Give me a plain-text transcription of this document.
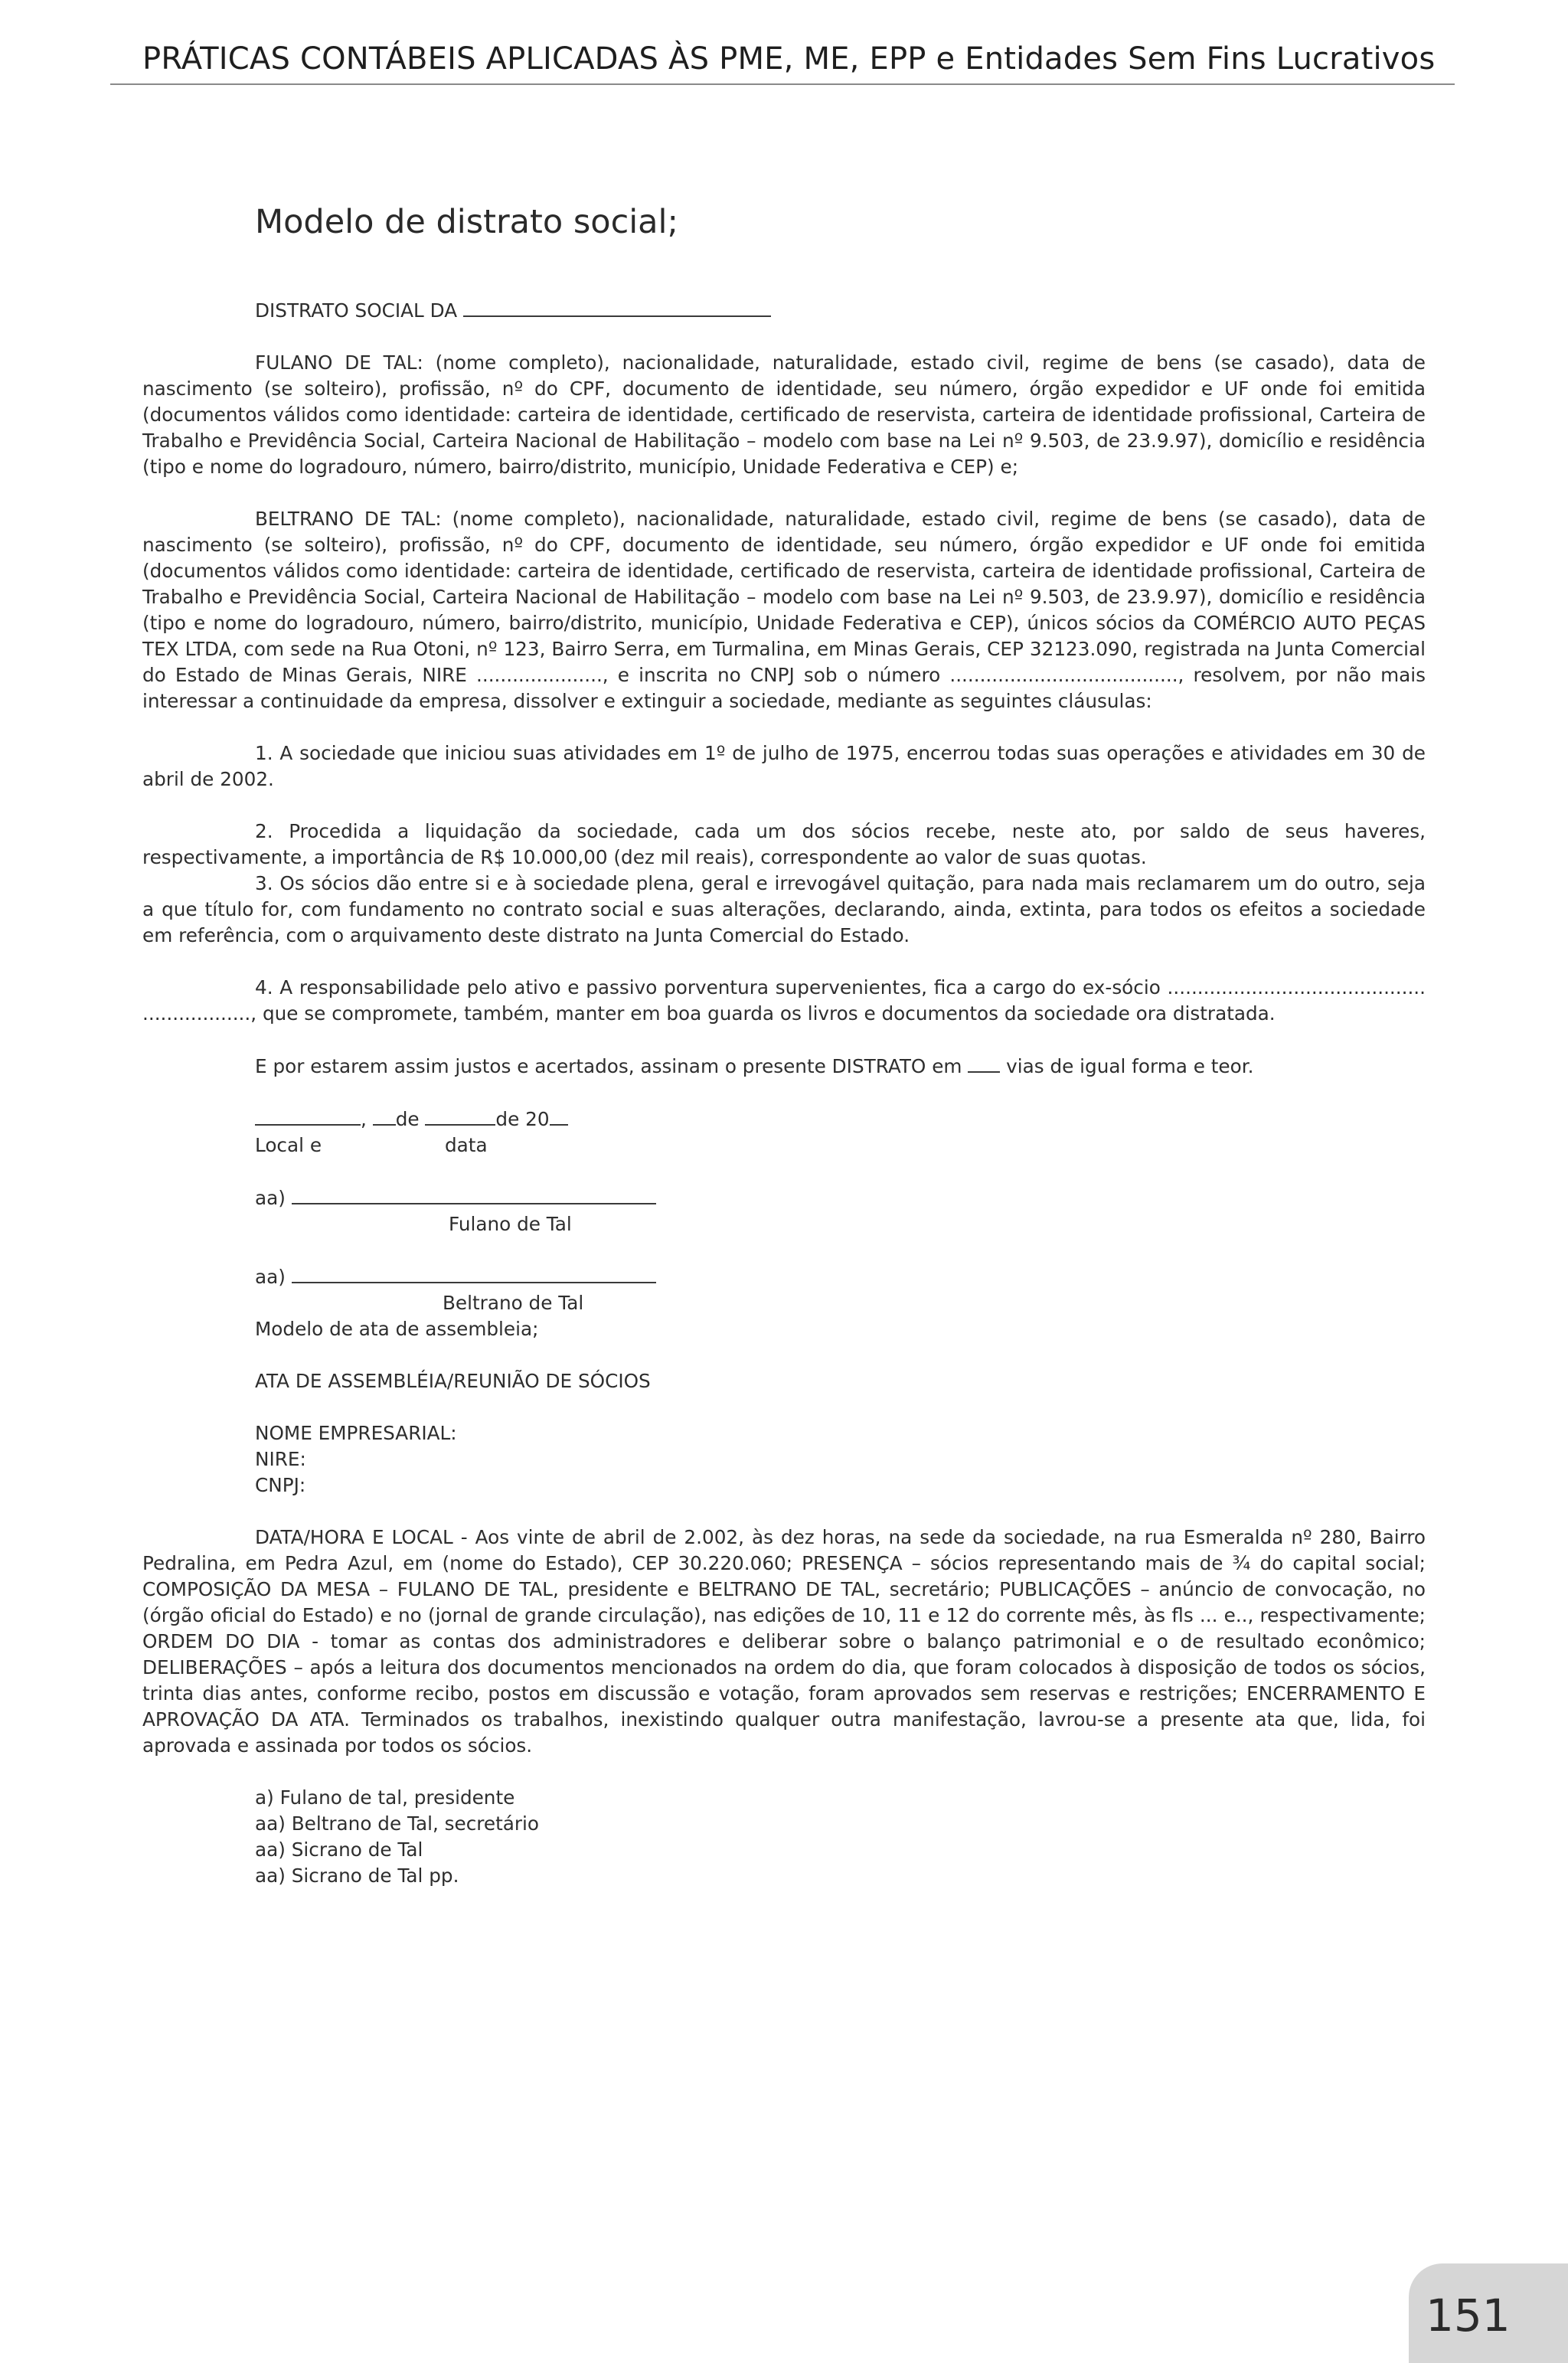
PRÁTICAS CONTÁBEIS APLICADAS ÀS PME, ME, EPP e Entidades Sem Fins Lucrativos
Modelo de distrato social;
DISTRATO SOCIAL DA

FULANO DE TAL: (nome completo), nacionalidade, naturalidade, estado civil, regime de bens (se casado), data de nascimento (se solteiro), profissão, nº do CPF, documento de identidade, seu número, órgão expedidor e UF onde foi emitida (documentos válidos como identidade: carteira de identidade, certificado de reservista, carteira de identidade profissional, Carteira de Trabalho e Previdência Social, Carteira Nacional de Habilitação – modelo com base na Lei nº 9.503, de 23.9.97), domicílio e residência (tipo e nome do logradouro, número, bairro/distrito, município, Unidade Federativa e CEP) e;

BELTRANO DE TAL: (nome completo), nacionalidade, naturalidade, estado civil, regime de bens (se casado), data de nascimento (se solteiro), profissão, nº do CPF, documento de identidade, seu número, órgão expedidor e UF onde foi emitida (documentos válidos como identidade: carteira de identidade, certificado de reservista, carteira de identidade profissional, Carteira de Trabalho e Previdência Social, Carteira Nacional de Habilitação – modelo com base na Lei nº 9.503, de 23.9.97), domicílio e residência (tipo e nome do logradouro, número, bairro/distrito, município, Unidade Federativa e CEP), únicos sócios da COMÉRCIO AUTO PEÇAS TEX LTDA, com sede na Rua Otoni, nº 123, Bairro Serra, em Turmalina, em Minas Gerais, CEP 32123.090, registrada na Junta Comercial do Estado de Minas Gerais, NIRE ....................., e inscrita no CNPJ sob o número ......................................, resolvem, por não mais interessar a continuidade da empresa, dissolver e extinguir a sociedade, mediante as seguintes cláusulas:

1. A sociedade que iniciou suas atividades em 1º de julho de 1975, encerrou todas suas operações e atividades em 30 de abril de 2002.

2. Procedida a liquidação da sociedade, cada um dos sócios recebe, neste ato, por saldo de seus haveres, respectivamente, a importância de R$ 10.000,00 (dez mil reais), correspondente ao valor de suas quotas.

3. Os sócios dão entre si e à sociedade plena, geral e irrevogável quitação, para nada mais reclamarem um do outro, seja a que título for, com fundamento no contrato social e suas alterações, declarando, ainda, extinta, para todos os efeitos a sociedade em referência, com o arquivamento deste distrato na Junta Comercial do Estado.

4. A responsabilidade pelo ativo e passivo porventura supervenientes, fica a cargo do ex-sócio ........................................... .................., que se compromete, também, manter em boa guarda os livros e documentos da sociedade ora distratada.

E por estarem assim justos e acertados, assinam o presente DISTRATO em vias de igual forma e teor.
, de	de 20
Local e	data
aa)
Fulano de Tal
aa)
Beltrano de Tal
Modelo de ata de assembleia;
ATA DE ASSEMBLÉIA/REUNIÃO DE SÓCIOS
NOME EMPRESARIAL:
NIRE:
CNPJ:

DATA/HORA E LOCAL - Aos vinte de abril de 2.002, às dez horas, na sede da sociedade, na rua Esmeralda nº 280, Bairro Pedralina, em Pedra Azul, em (nome do Estado), CEP 30.220.060; PRESENÇA – sócios representando mais de ¾ do capital social; COMPOSIÇÃO DA MESA – FULANO DE TAL, presidente e BELTRANO DE TAL, secretário; PUBLICAÇÕES – anúncio de convocação, no (órgão oficial do Estado) e no (jornal de grande circulação), nas edições de 10, 11 e 12 do corrente mês, às fls ... e.., respectivamente; ORDEM DO DIA - tomar as contas dos administradores e deliberar sobre o balanço patrimonial e o de resultado econômico; DELIBERAÇÕES – após a leitura dos documentos mencionados na ordem do dia, que foram colocados à disposição de todos os sócios, trinta dias antes, conforme recibo, postos em discussão e votação, foram aprovados sem reservas e restrições; ENCERRAMENTO E APROVAÇÃO DA ATA. Terminados os trabalhos, inexistindo qualquer outra manifestação, lavrou-se a presente ata que, lida, foi aprovada e assinada por todos os sócios.

a) Fulano de tal, presidente
aa) Beltrano de Tal, secretário
aa) Sicrano de Tal
aa) Sicrano de Tal pp.
151
